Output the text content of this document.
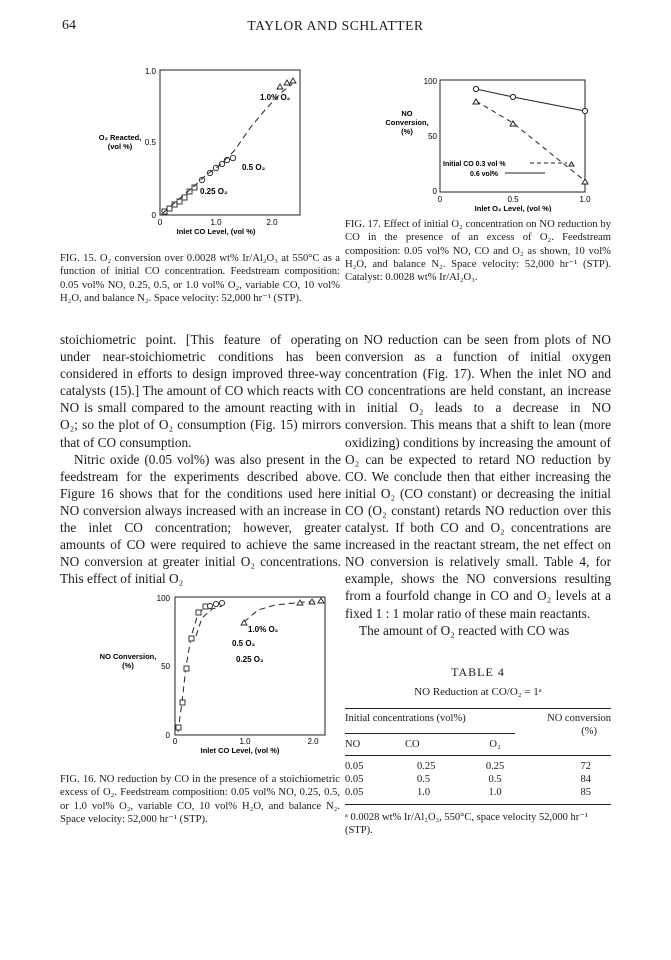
64	TAYLOR AND SCHLATTER
1.0
0.5
0
0	1.0	2.0
Inlet CO Level, (vol %)
O₂ Reacted,
(vol %)
1.0% O₂
0.5 O₂
0.25 O₂
FIG. 15. O₂ conversion over 0.0028 wt% Ir/Al₂O₃ at 550°C as a function of initial CO concentration. Feedstream composition: 0.05 vol% NO, 0.25, 0.5, or 1.0 vol% O₂, variable CO, 10 vol% H₂O, and balance N₂. Space velocity: 52,000 hr⁻¹ (STP).
100
50
0
0	0.5	1.0
Inlet O₂ Level, (vol %)
NO
Conversion,
(%)
Initial CO 0.3 vol %
0.6 vol%
FIG. 17. Effect of initial O₂ concentration on NO reduction by CO in the presence of an excess of O₂. Feedstream composition: 0.05 vol% NO, CO and O₂ as shown, 10 vol% H₂O, and balance N₂. Space velocity: 52,000 hr⁻¹ (STP). Catalyst: 0.0028 wt% Ir/Al₂O₃.

stoichiometric point. [This feature of operating under near-stoichiometric conditions has been considered in efforts to design improved three-way catalysts (15).] The amount of CO which reacts with NO is small compared to the amount reacting with O₂; so the plot of O₂ consumption (Fig. 15) mirrors that of CO consumption.

Nitric oxide (0.05 vol%) was also present in the feedstream for the experiments described above. Figure 16 shows that for the conditions used here NO conversion always increased with an increase in the inlet CO concentration; however, greater amounts of CO were required to achieve the same NO conversion at greater initial O₂ concentrations. This effect of initial O₂

on NO reduction can be seen from plots of NO conversion as a function of initial oxygen concentration (Fig. 17). When the inlet NO and CO concentrations are held constant, an increase in initial O₂ leads to a decrease in NO conversion. This means that a shift to lean (more oxidizing) conditions by increasing the amount of O₂ can be expected to retard NO reduction by CO. We conclude then that either increasing the initial O₂ (CO constant) or decreasing the initial CO (O₂ constant) retards NO reduction over this catalyst. If both CO and O₂ concentrations are increased in the reactant stream, the net effect on NO conversion is relatively small. Table 4, for example, shows the NO conversions resulting from a fourfold change in CO and O₂ levels at a fixed 1 : 1 molar ratio of these main reactants.

The amount of O₂ reacted with CO was

100
50
0
0	1.0	2.0
Inlet CO Level, (vol %)
NO Conversion,
(%)
1.0% O₂
0.5 O₂
0.25 O₂
FIG. 16. NO reduction by CO in the presence of a stoichiometric excess of O₂. Feedstream composition: 0.05 vol% NO, 0.25, 0.5, or 1.0 vol% O₂, variable CO, 10 vol% H₂O, and balance N₂. Space velocity: 52,000 hr⁻¹ (STP).
TABLE 4
NO Reduction at CO/O₂ = 1ᵃ
Initial concentrations (vol%)			NO conversion

			(%)
NO	CO	O₂	

0.05	0.25	0.25	72
0.05	0.5	0.5	84
0.05	1.0	1.0	85
ᵃ 0.0028 wt% Ir/Al₂O₃, 550°C, space velocity 52,000 hr⁻¹ (STP).
